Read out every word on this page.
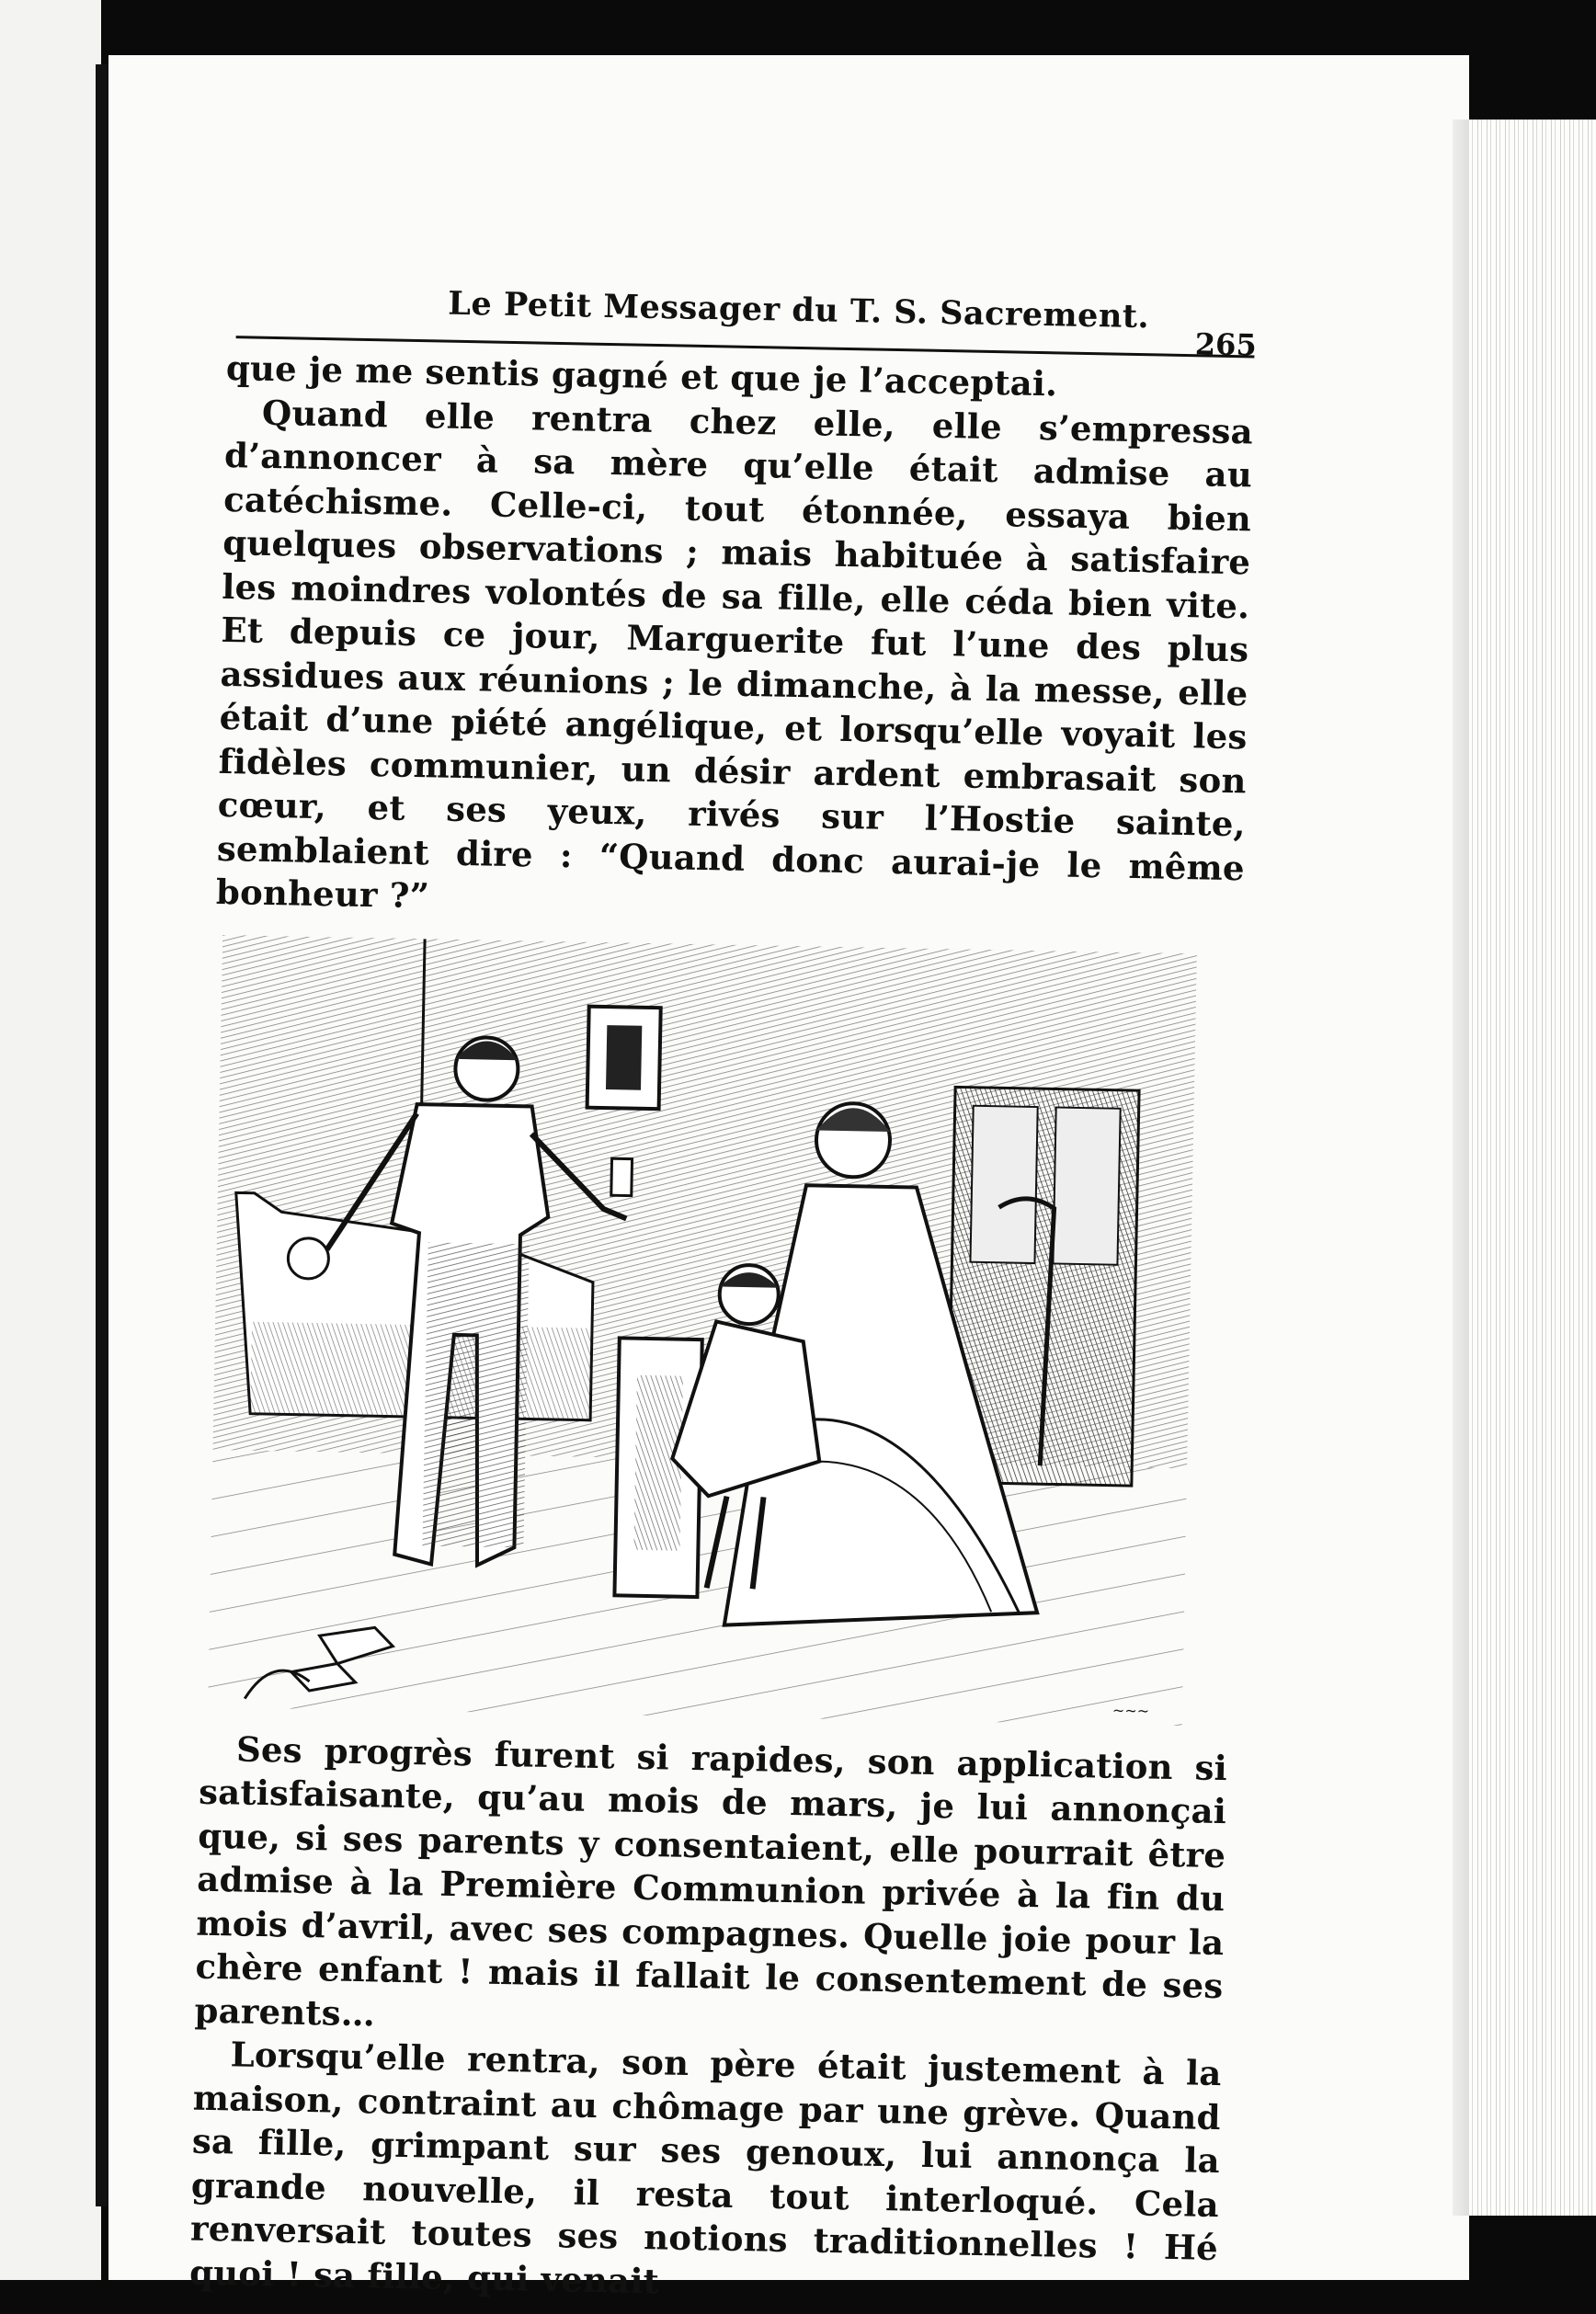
Le Petit Messager du T. S. Sacrement.
265

que je me sentis gagné et que je l’acceptai.

Quand elle rentra chez elle, elle s’empressa d’annoncer à sa mère qu’elle était admise au catéchisme. Celle-ci, tout étonnée, essaya bien quelques observations ; mais habituée à satisfaire les moindres volontés de sa fille, elle céda bien vite. Et depuis ce jour, Marguerite fut l’une des plus assidues aux réunions ; le dimanche, à la messe, elle était d’une piété angélique, et lorsqu’elle voyait les fidèles communier, un désir ardent embrasait son cœur, et ses yeux, rivés sur l’Hostie sainte, semblaient dire : “Quand donc aurai-je le même bonheur ?”

~~~

Ses progrès furent si rapides, son application si satisfaisante, qu’au mois de mars, je lui annonçai que, si ses parents y consentaient, elle pourrait être admise à la Première Communion privée à la fin du mois d’avril, avec ses compagnes. Quelle joie pour la chère enfant ! mais il fallait le consentement de ses parents…

Lorsqu’elle rentra, son père était justement à la maison, contraint au chômage par une grève. Quand sa fille, grimpant sur ses genoux, lui annonça la grande nouvelle, il resta tout interloqué. Cela renversait toutes ses notions traditionnelles ! Hé quoi ! sa fille, qui venait
